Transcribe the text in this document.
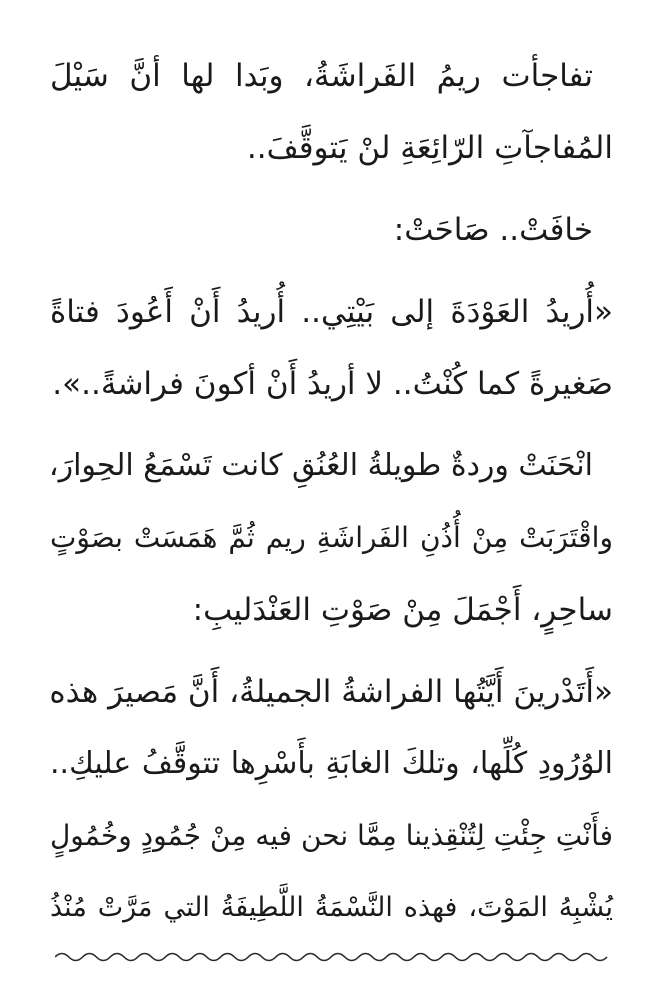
تفاجأت ريمُ الفَراشَةُ، وبَدا لها أنَّ سَيْلَ
المُفاجآتِ الرّائِعَةِ لنْ يَتوقَّفَ..
خافَتْ.. صَاحَتْ:
«أُريدُ العَوْدَةَ إلى بَيْتِي.. أُريدُ أَنْ أَعُودَ فتاةً
صَغيرةً كما كُنْتُ.. لا أريدُ أَنْ أكونَ فراشةً..».
انْحَنَتْ وردةٌ طويلةُ العُنُقِ كانت تَسْمَعُ الحِوارَ،
واقْتَرَبَتْ مِنْ أُذُنِ الفَراشَةِ ريم ثُمَّ هَمَسَتْ بصَوْتٍ
ساحِرٍ، أَجْمَلَ مِنْ صَوْتِ العَنْدَليبِ:
«أَتَدْرينَ أَيَّتُها الفراشةُ الجميلةُ، أَنَّ مَصيرَ هذه
الوُرُودِ كُلِّها، وتلكَ الغابَةِ بأَسْرِها تتوقَّفُ عليكِ..
فأَنْتِ جِئْتِ لِتُنْقِذينا مِمَّا نحن فيه مِنْ جُمُودٍ وخُمُولٍ
يُشْبِهُ المَوْتَ، فهذه النَّسْمَةُ اللَّطِيفَةُ التي مَرَّتْ مُنْذُ
